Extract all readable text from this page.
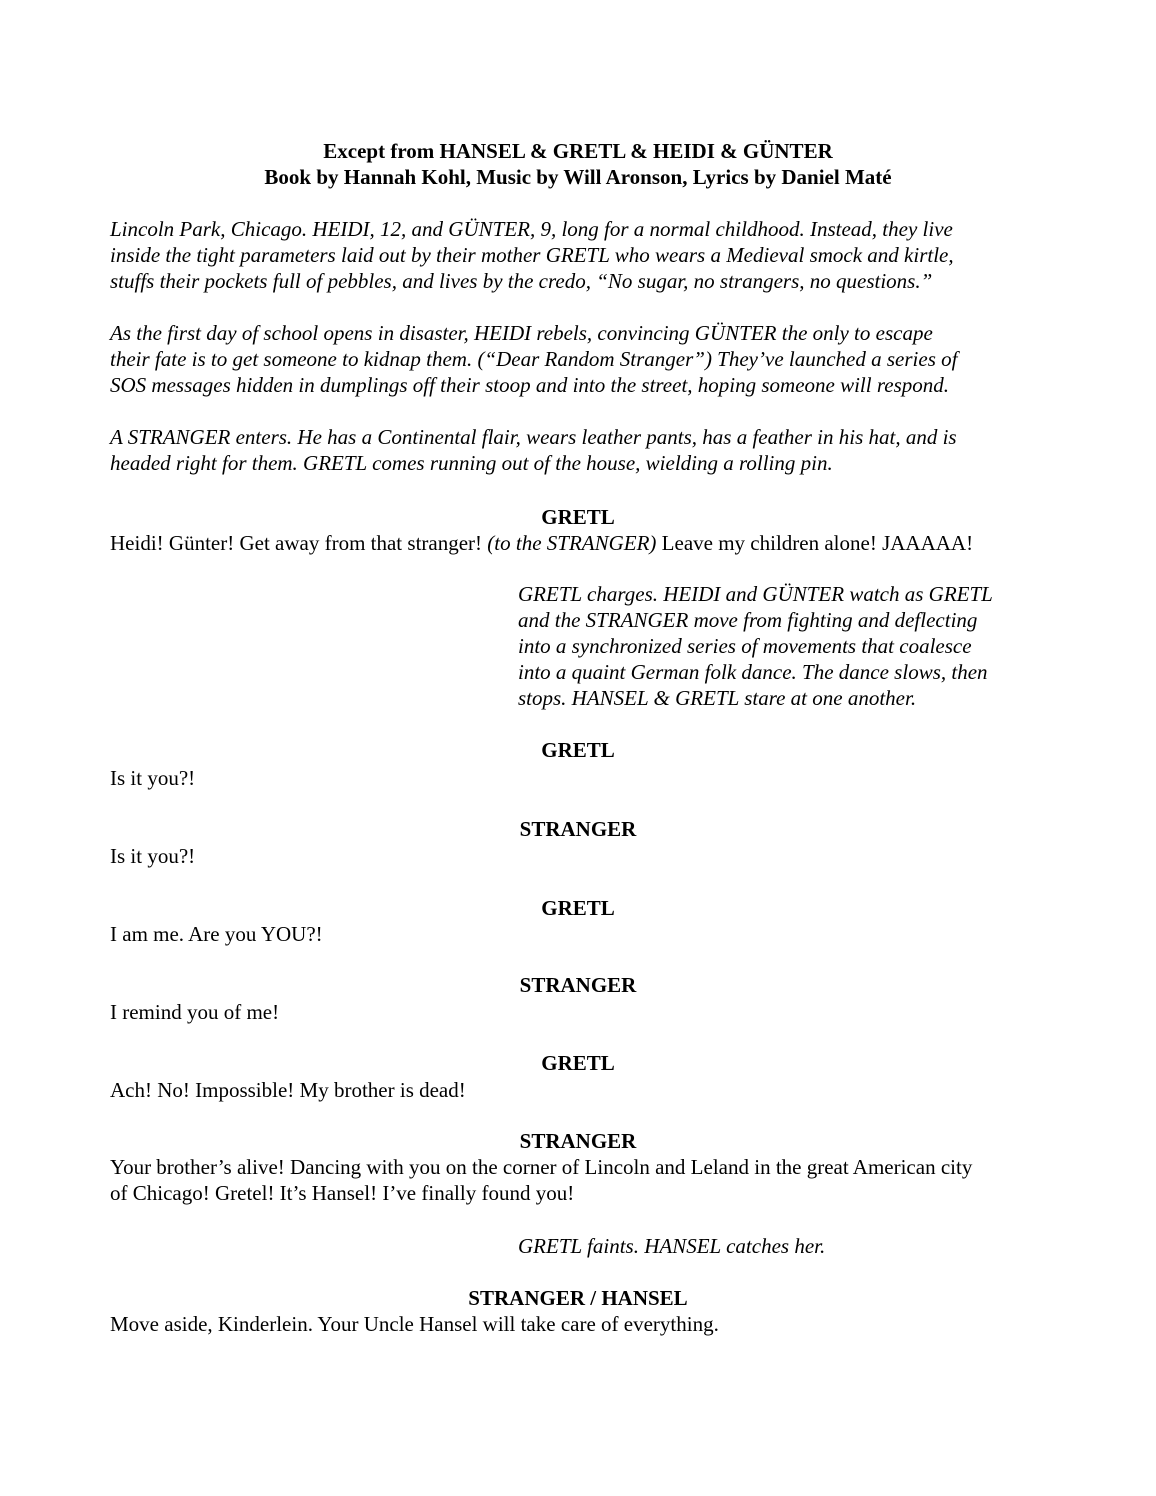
Except from HANSEL & GRETL & HEIDI & GÜNTER
Book by Hannah Kohl, Music by Will Aronson, Lyrics by Daniel Maté
Lincoln Park, Chicago. HEIDI, 12, and GÜNTER, 9, long for a normal childhood. Instead, they live
inside the tight parameters laid out by their mother GRETL who wears a Medieval smock and kirtle,
stuffs their pockets full of pebbles, and lives by the credo, “No sugar, no strangers, no questions.”
As the first day of school opens in disaster, HEIDI rebels, convincing GÜNTER the only to escape
their fate is to get someone to kidnap them. (“Dear Random Stranger”) They’ve launched a series of
SOS messages hidden in dumplings off their stoop and into the street, hoping someone will respond.
A STRANGER enters. He has a Continental flair, wears leather pants, has a feather in his hat, and is
headed right for them. GRETL comes running out of the house, wielding a rolling pin.
GRETL
Heidi! Günter! Get away from that stranger! (to the STRANGER) Leave my children alone! JAAAAA!
GRETL charges. HEIDI and GÜNTER watch as GRETL
and the STRANGER move from fighting and deflecting
into a synchronized series of movements that coalesce
into a quaint German folk dance. The dance slows, then
stops. HANSEL & GRETL stare at one another.
GRETL
Is it you?!
STRANGER
Is it you?!
GRETL
I am me. Are you YOU?!
STRANGER
I remind you of me!
GRETL
Ach! No! Impossible! My brother is dead!
STRANGER
Your brother’s alive! Dancing with you on the corner of Lincoln and Leland in the great American city
of Chicago! Gretel! It’s Hansel! I’ve finally found you!
GRETL faints. HANSEL catches her.
STRANGER / HANSEL
Move aside, Kinderlein. Your Uncle Hansel will take care of everything.
